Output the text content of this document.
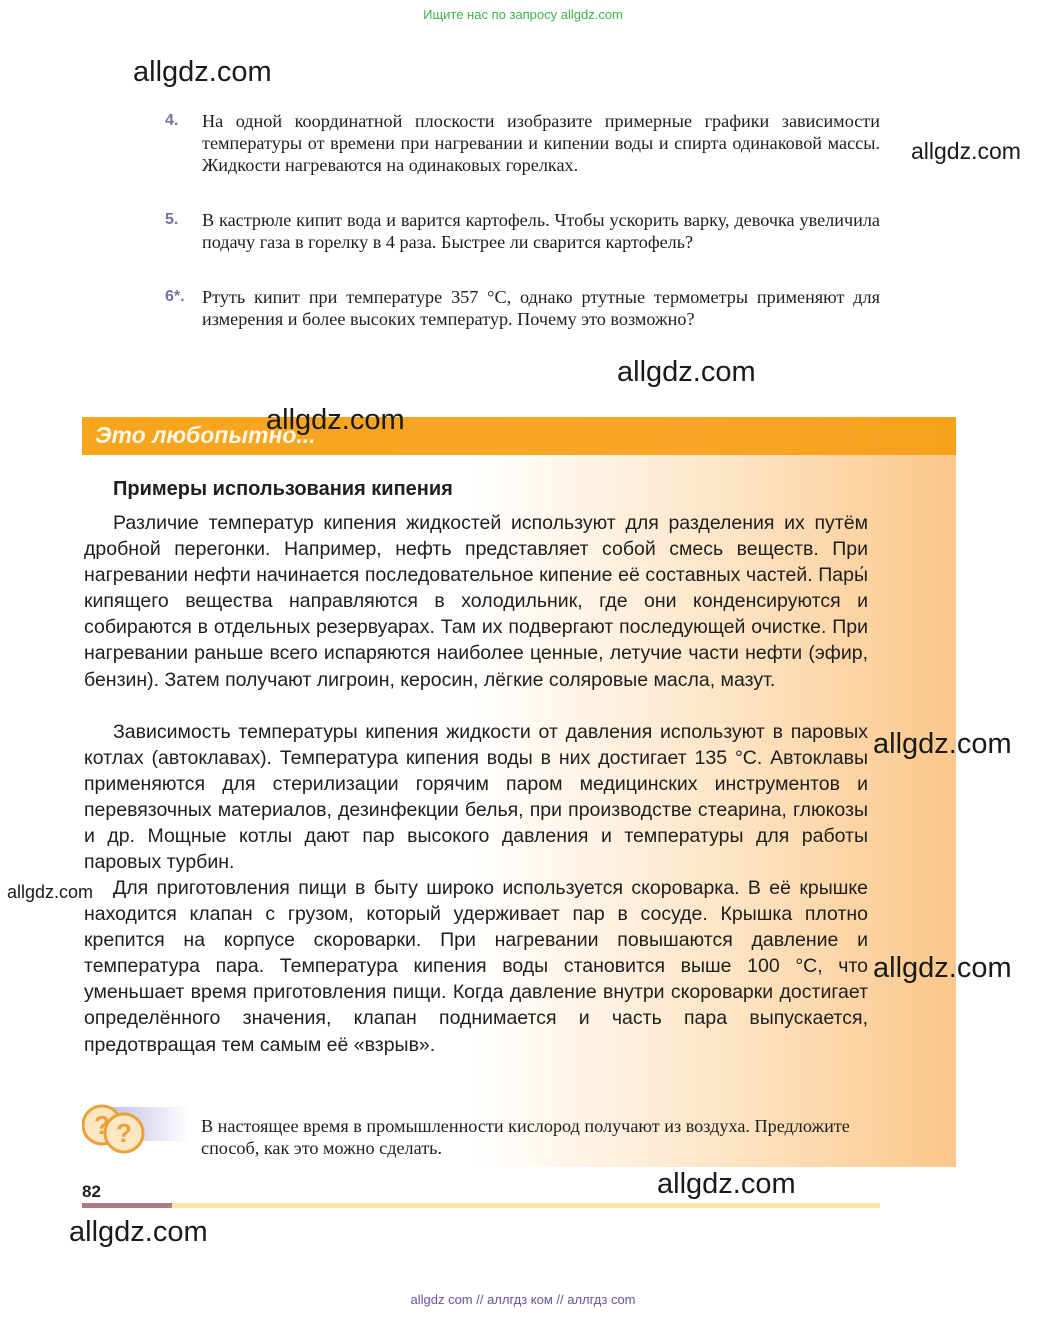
Ищите нас по запросу allgdz.com
allgdz.com
allgdz.com
4. На одной координатной плоскости изобразите примерные графики зависимости температуры от времени при нагревании и кипении воды и спирта одинаковой массы. Жидкости нагреваются на одинаковых горелках.
5. В кастрюле кипит вода и варится картофель. Чтобы ускорить варку, девочка увеличила подачу газа в горелку в 4 раза. Быстрее ли сварится картофель?
6*. Ртуть кипит при температуре 357 °С, однако ртутные термометры применяют для измерения и более высоких температур. Почему это возможно?
allgdz.com
Это любопытно...
allgdz.com
Примеры использования кипения
Различие температур кипения жидкостей используют для разделения их путём дробной перегонки. Например, нефть представляет собой смесь веществ. При нагревании нефти начинается последовательное кипение её составных частей. Пары́ кипящего вещества направляются в холодильник, где они конденсируются и собираются в отдельных резервуарах. Там их подвергают последующей очистке. При нагревании раньше всего испаряются наиболее ценные, летучие части нефти (эфир, бензин). Затем получают лигроин, керосин, лёгкие соляровые масла, мазут.
Зависимость температуры кипения жидкости от давления используют в паровых котлах (автоклавах). Температура кипения воды в них достигает 135 °С. Автоклавы применяются для стерилизации горячим паром медицинских инструментов и перевязочных материалов, дезинфекции белья, при производстве стеарина, глюкозы и др. Мощные котлы дают пар высокого давления и температуры для работы паровых турбин.
Для приготовления пищи в быту широко используется скороварка. В её крышке находится клапан с грузом, который удерживает пар в сосуде. Крышка плотно крепится на корпусе скороварки. При нагревании повышаются давление и температура пара. Температура кипения воды становится выше 100 °С, что уменьшает время приготовления пищи. Когда давление внутри скороварки достигает определённого значения, клапан поднимается и часть пара выпускается, предотвращая тем самым её «взрыв».
allgdz.com
allgdz.com
allgdz.com
? ?	В настоящее время в промышленности кислород получают из воздуха. Предложите способ, как это можно сделать.
82	allgdz.com
allgdz.com
allgdz com // аллгдз ком // аллгдз com
